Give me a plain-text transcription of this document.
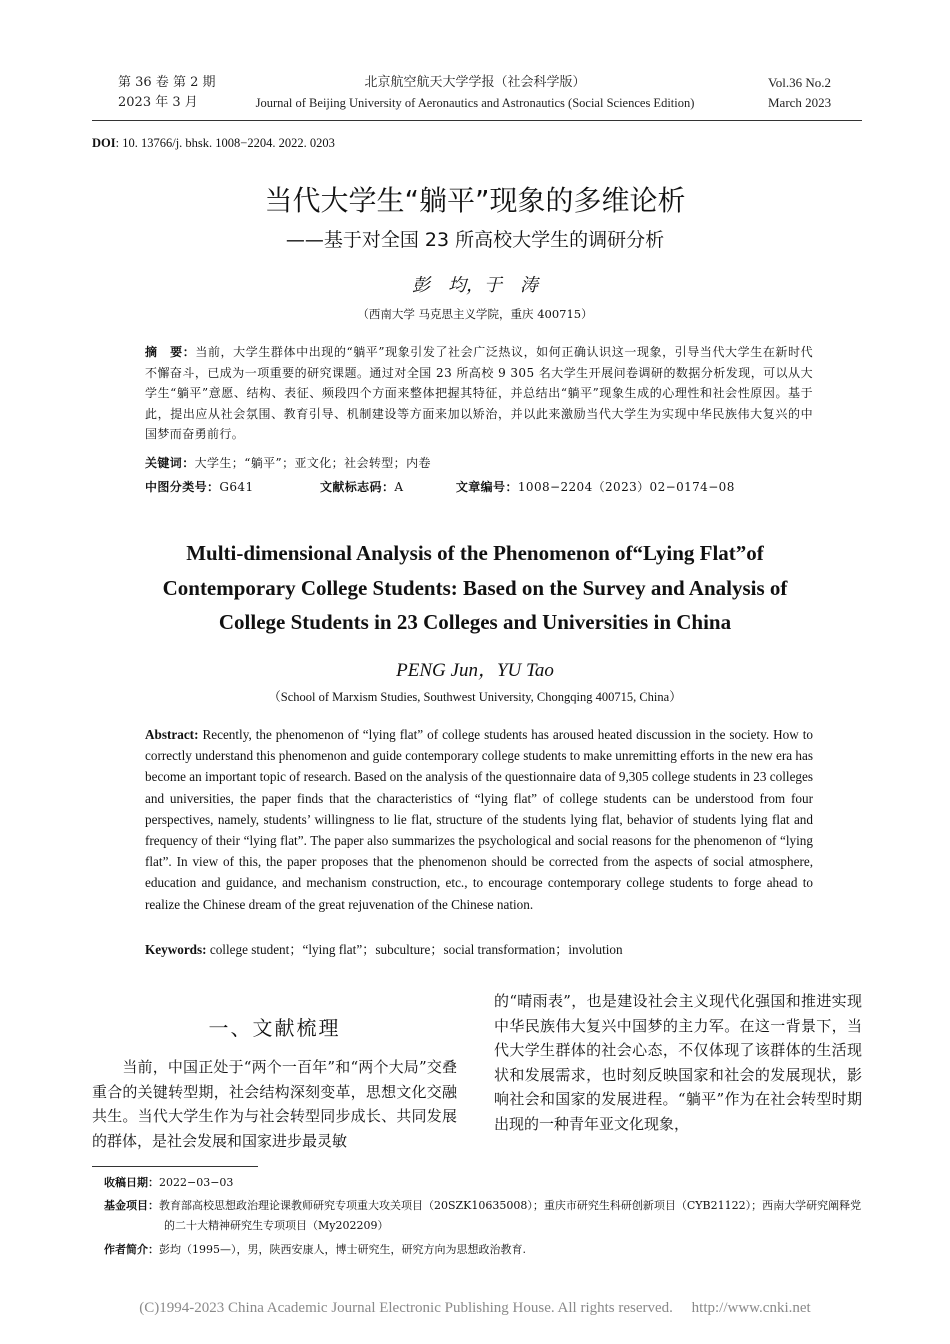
第 36 卷 第 2 期
2023 年 3 月
北京航空航天大学学报（社会科学版）
Journal of Beijing University of Aeronautics and Astronautics (Social Sciences Edition)
Vol.36 No.2
March 2023
DOI: 10. 13766/j. bhsk. 1008−2204. 2022. 0203
当代大学生“躺平”现象的多维论析
——基于对全国 23 所高校大学生的调研分析
彭　均，于　涛
（西南大学 马克思主义学院，重庆 400715）
摘　要：当前，大学生群体中出现的“躺平”现象引发了社会广泛热议，如何正确认识这一现象，引导当代大学生在新时代不懈奋斗，已成为一项重要的研究课题。通过对全国 23 所高校 9 305 名大学生开展问卷调研的数据分析发现，可以从大学生“躺平”意愿、结构、表征、频段四个方面来整体把握其特征，并总结出“躺平”现象生成的心理性和社会性原因。基于此，提出应从社会氛围、教育引导、机制建设等方面来加以矫治，并以此来激励当代大学生为实现中华民族伟大复兴的中国梦而奋勇前行。
关键词：大学生；“躺平”；亚文化；社会转型；内卷
中图分类号：G641	文献标志码：A	文章编号：1008−2204（2023）02−0174−08
Multi-dimensional Analysis of the Phenomenon of“Lying Flat”of
Contemporary College Students: Based on the Survey and Analysis of
College Students in 23 Colleges and Universities in China
PENG Jun，YU Tao
（School of Marxism Studies, Southwest University, Chongqing 400715, China）
Abstract: Recently, the phenomenon of “lying flat” of college students has aroused heated discussion in the society. How to correctly understand this phenomenon and guide contemporary college students to make unremitting efforts in the new era has become an important topic of research. Based on the analysis of the questionnaire data of 9,305 college students in 23 colleges and universities, the paper finds that the characteristics of “lying flat” of college students can be understood from four perspectives, namely, students’ willingness to lie flat, structure of the students lying flat, behavior of students lying flat and frequency of their “lying flat”. The paper also summarizes the psychological and social reasons for the phenomenon of “lying flat”. In view of this, the paper proposes that the phenomenon should be corrected from the aspects of social atmosphere, education and guidance, and mechanism construction, etc., to encourage contemporary college students to forge ahead to realize the Chinese dream of the great rejuvenation of the Chinese nation.
Keywords: college student；“lying flat”；subculture；social transformation；involution
一、文献梳理
　　当前，中国正处于“两个一百年”和“两个大局”交叠重合的关键转型期，社会结构深刻变革，思想文化交融共生。当代大学生作为与社会转型同步成长、共同发展的群体，是社会发展和国家进步最灵敏
的“晴雨表”，也是建设社会主义现代化强国和推进实现中华民族伟大复兴中国梦的主力军。在这一背景下，当代大学生群体的社会心态，不仅体现了该群体的生活现状和发展需求，也时刻反映国家和社会的发展现状，影响社会和国家的发展进程。“躺平”作为在社会转型时期出现的一种青年亚文化现象，
收稿日期：2022−03−03
基金项目：教育部高校思想政治理论课教师研究专项重大攻关项目（20SZK10635008）；重庆市研究生科研创新项目（CYB21122）；西南大学研究阐释党的二十大精神研究生专项项目（My202209）
作者简介：彭均（1995—），男，陕西安康人，博士研究生，研究方向为思想政治教育.
(C)1994-2023 China Academic Journal Electronic Publishing House. All rights reserved.　 http://www.cnki.net
